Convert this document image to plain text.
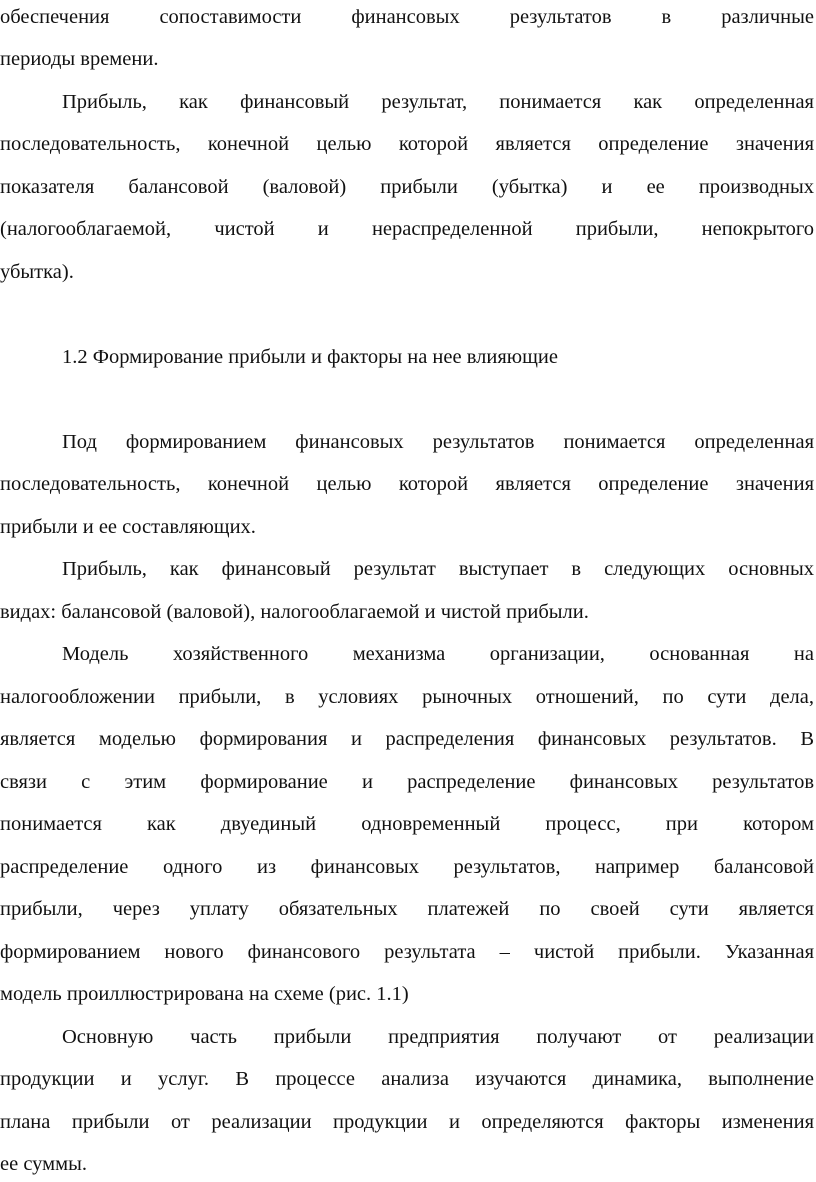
обеспечения сопоставимости финансовых результатов в различные
периоды времени.
Прибыль, как финансовый результат, понимается как определенная
последовательность, конечной целью которой является определение значения
показателя балансовой (валовой) прибыли (убытка) и ее производных
(налогооблагаемой, чистой и нераспределенной прибыли, непокрытого
убытка).
1.2 Формирование прибыли и факторы на нее влияющие
Под формированием финансовых результатов понимается определенная
последовательность, конечной целью которой является определение значения
прибыли и ее составляющих.
Прибыль, как финансовый результат выступает в следующих основных
видах: балансовой (валовой), налогооблагаемой и чистой прибыли.
Модель хозяйственного механизма организации, основанная на
налогообложении прибыли, в условиях рыночных отношений, по сути дела,
является моделью формирования и распределения финансовых результатов. В
связи с этим формирование и распределение финансовых результатов
понимается как двуединый одновременный процесс, при котором
распределение одного из финансовых результатов, например балансовой
прибыли, через уплату обязательных платежей по своей сути является
формированием нового финансового результата – чистой прибыли. Указанная
модель проиллюстрирована на схеме (рис. 1.1)
Основную часть прибыли предприятия получают от реализации
продукции и услуг. В процессе анализа изучаются динамика, выполнение
плана прибыли от реализации продукции и определяются факторы изменения
ее суммы.
